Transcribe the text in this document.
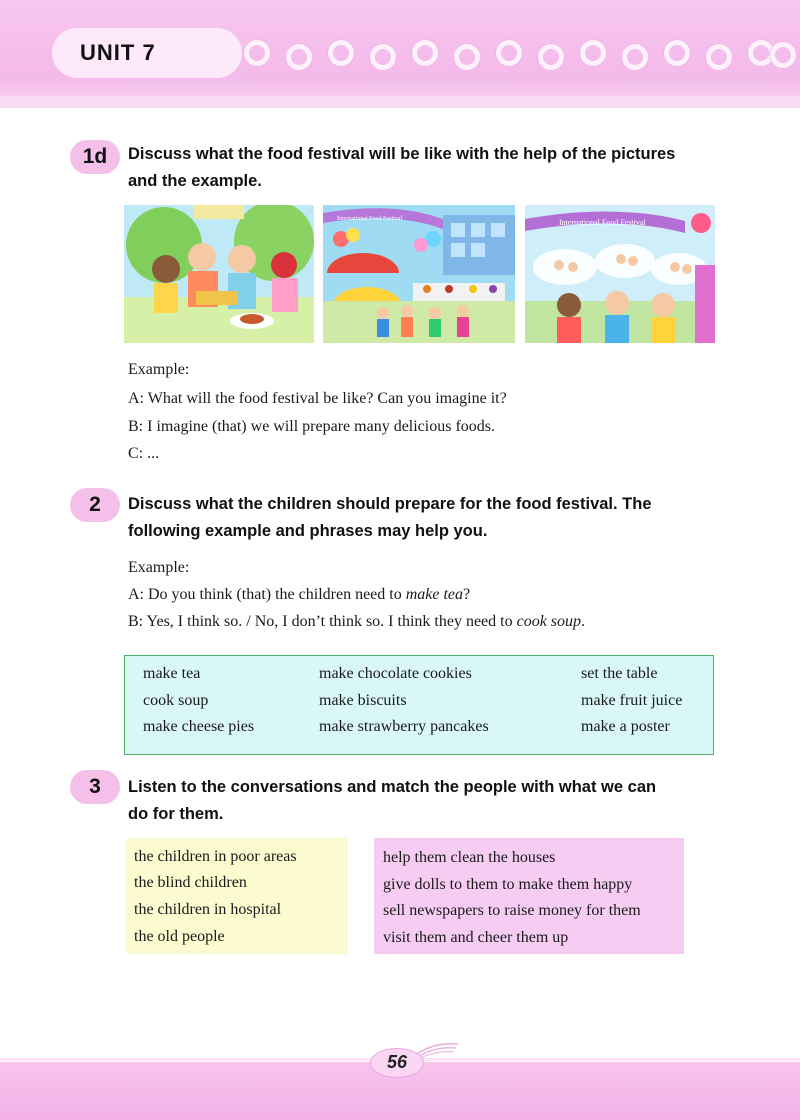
UNIT 7
1d	Discuss what the food festival will be like with the help of the pictures
and the example.
International Food Festival	International Food Festival
Example:
A: What will the food festival be like? Can you imagine it?
B: I imagine (that) we will prepare many delicious foods.
C: ...
2	Discuss what the children should prepare for the food festival. The
following example and phrases may help you.
Example:
A: Do you think (that) the children need to make tea?
B: Yes, I think so. / No, I don’t think so. I think they need to cook soup.
make tea	make chocolate cookies	set the table
cook soup	make biscuits	make fruit juice
make cheese pies	make strawberry pancakes	make a poster
3	Listen to the conversations and match the people with what we can
do for them.
the children in poor areas
the blind children
the children in hospital
the old people
help them clean the houses
give dolls to them to make them happy
sell newspapers to raise money for them
visit them and cheer them up
56
